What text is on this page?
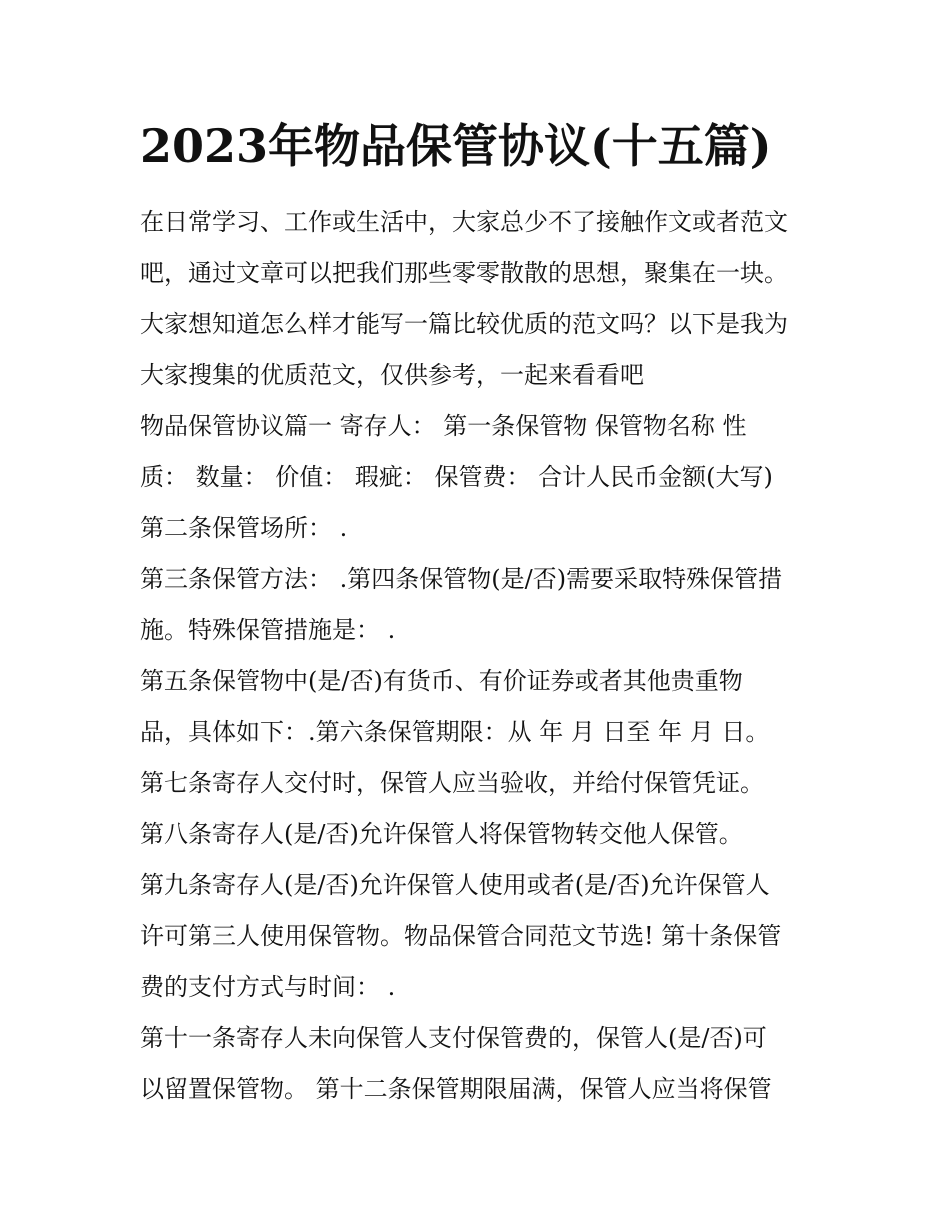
2023年物品保管协议(十五篇)
在日常学习、工作或生活中，大家总少不了接触作文或者范文
吧，通过文章可以把我们那些零零散散的思想，聚集在一块。
大家想知道怎么样才能写一篇比较优质的范文吗？以下是我为
大家搜集的优质范文，仅供参考，一起来看看吧
物品保管协议篇一 寄存人： 第一条保管物 保管物名称 性
质： 数量： 价值： 瑕疵： 保管费： 合计人民币金额(大写)
第二条保管场所： .
第三条保管方法： .第四条保管物(是/否)需要采取特殊保管措
施。特殊保管措施是： .
第五条保管物中(是/否)有货币、有价证券或者其他贵重物
品，具体如下：.第六条保管期限：从 年 月 日至 年 月 日。
第七条寄存人交付时，保管人应当验收，并给付保管凭证。
第八条寄存人(是/否)允许保管人将保管物转交他人保管。
第九条寄存人(是/否)允许保管人使用或者(是/否)允许保管人
许可第三人使用保管物。物品保管合同范文节选! 第十条保管
费的支付方式与时间： .
第十一条寄存人未向保管人支付保管费的，保管人(是/否)可
以留置保管物。 第十二条保管期限届满，保管人应当将保管
